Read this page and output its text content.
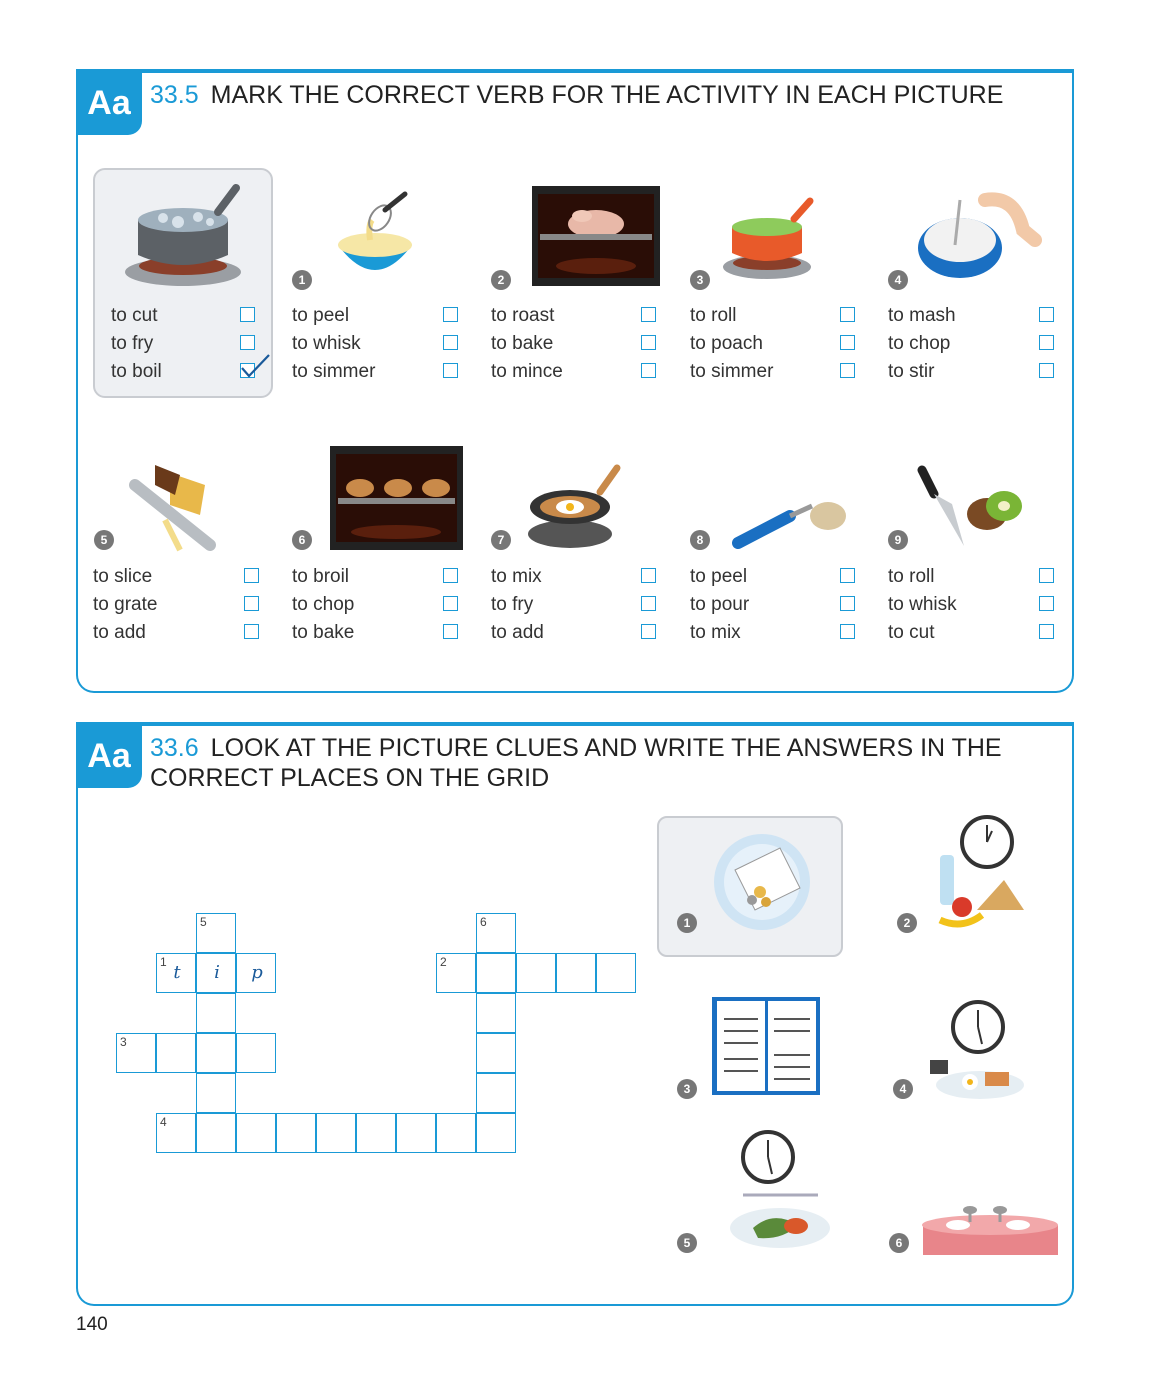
Aa 33.5 MARK THE CORRECT VERB FOR THE ACTIVITY IN EACH PICTURE
to cut
to fry
to boil
1	2	3	4
to peel
to whisk
to simmer
to roast
to bake
to mince
to roll
to poach
to simmer
to mash
to chop
to stir
5	6	7	8	9
to slice
to grate
to add
to broil
to chop
to bake
to mix
to fry
to add
to peel
to pour
to mix
to roll
to whisk
to cut
Aa 33.6 LOOK AT THE PICTURE CLUES AND WRITE THE ANSWERS IN THE CORRECT PLACES ON THE GRID
5
1 t	i	p
3
4
6
2
1	2
3	4
5	6
140
